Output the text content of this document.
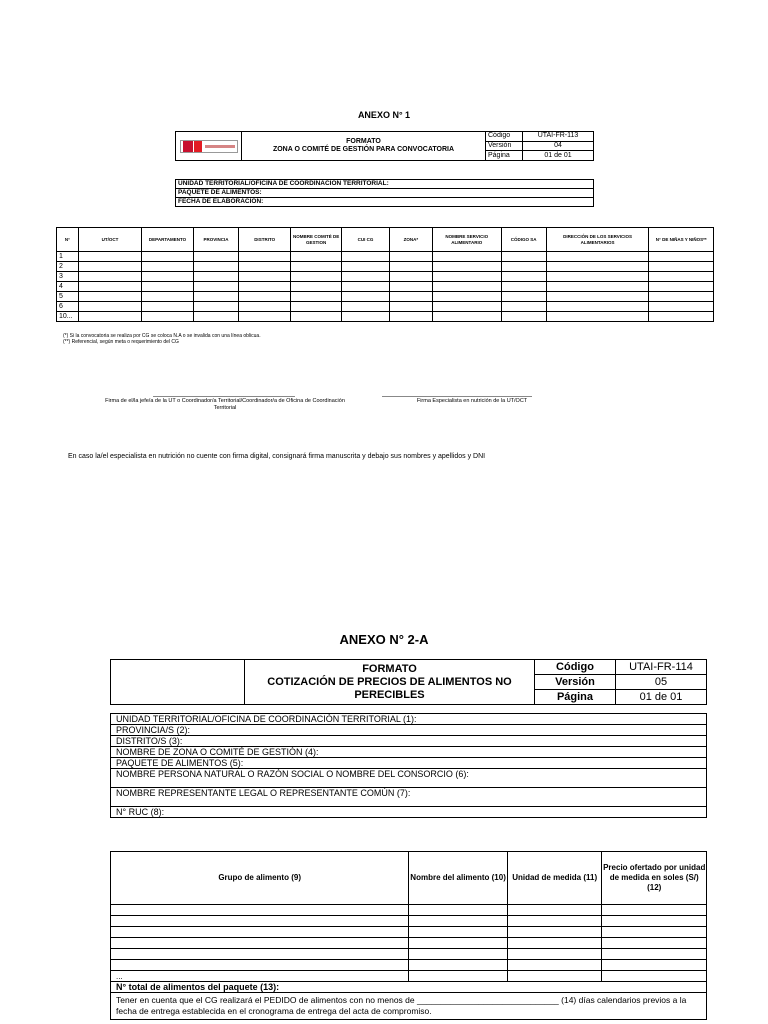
ANEXO N° 1

	FORMATO
ZONA O COMITÉ DE GESTIÓN PARA CONVOCATORIA	Código	UTAI-FR-113
		Versión	04
		Página	01 de 01
UNIDAD TERRITORIAL/OFICINA DE COORDINACIÓN TERRITORIAL:
PAQUETE DE ALIMENTOS:
FECHA DE ELABORACIÓN:
N°	UT/OCT	DEPARTAMENTO	PROVINCIA	DISTRITO	NOMBRE COMITÉ DE GESTION	CUI CG	ZONA*	NOMBRE SERVICIO ALIMENTARIO	CÓDIGO SA	DIRECCIÓN DE LOS SERVICIOS ALIMENTARIOS	N° DE NIÑAS Y NIÑOS**
1											
2											
3											
4											
5											
6											
10...											
(*) Si la convocatoria se realiza por CG se coloca N.A o se invalida con una línea oblicua.
(**) Referencial, según meta o requerimiento del CG
Firma de el/la jefe/a de la UT o Coordinador/a Territorial/Coordinador/a de Oficina de Coordinación Territorial
Firma Especialista en nutrición de la UT/OCT
En caso la/el especialista en nutrición no cuente con firma digital, consignará firma manuscrita y debajo sus nombres y apellidos y DNI
ANEXO N° 2-A

	FORMATO
COTIZACIÓN DE PRECIOS DE ALIMENTOS NO PERECIBLES	Código	UTAI-FR-114
		Versión	05
		Página	01 de 01
UNIDAD TERRITORIAL/OFICINA DE COORDINACIÓN TERRITORIAL (1):
PROVINCIA/S (2):
DISTRITO/S (3):
NOMBRE DE ZONA O COMITÉ DE GESTIÓN (4):
PAQUETE DE ALIMENTOS (5):
NOMBRE PERSONA NATURAL O RAZÓN SOCIAL O NOMBRE DEL CONSORCIO (6):
NOMBRE REPRESENTANTE LEGAL O REPRESENTANTE COMÚN (7):
N° RUC (8):
Grupo de alimento (9)	Nombre del alimento (10)	Unidad de medida (11)	Precio ofertado por unidad de medida en soles (S/) (12)

...			
N° total de alimentos del paquete (13):			
Tener en cuenta que el CG realizará el PEDIDO de alimentos con no menos de ______________________________ (14) días calendarios previos a la fecha de entrega establecida en el cronograma de entrega del acta de compromiso.			
